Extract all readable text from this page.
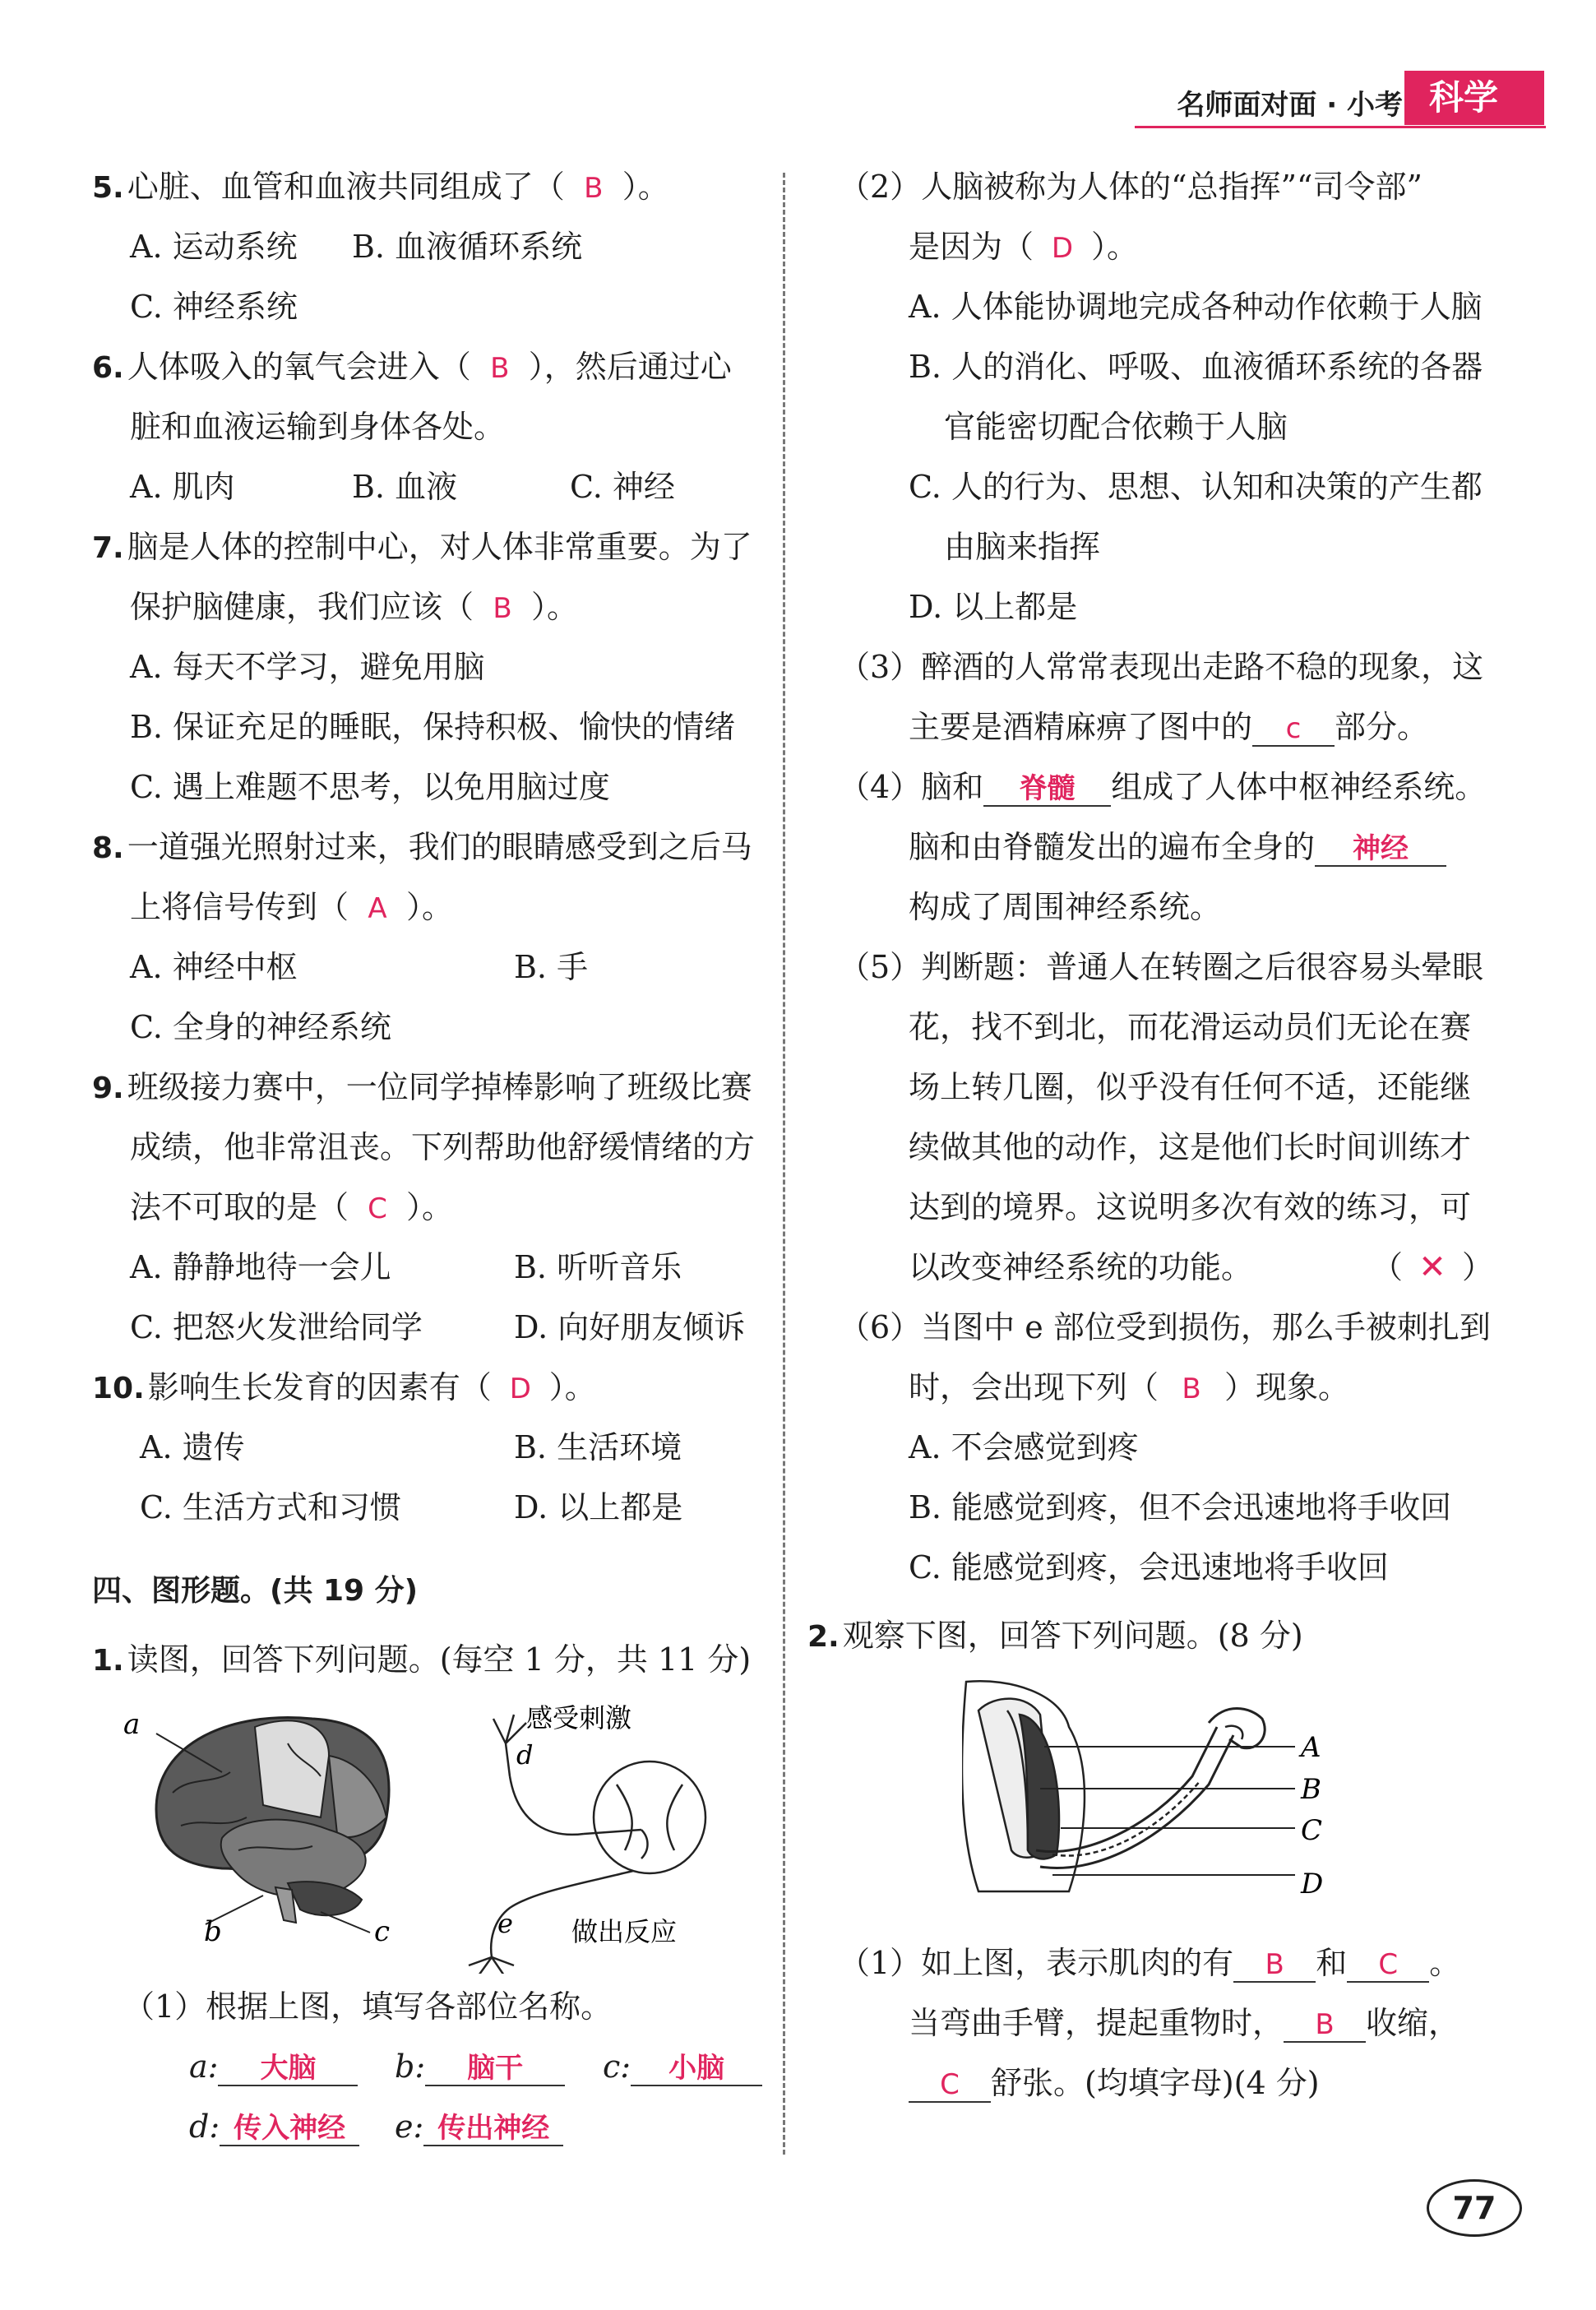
名师面对面 · 小考 科学
5. 心脏、血管和血液共同组成了（ B ）。
A. 运动系统 B. 血液循环系统
C. 神经系统
6. 人体吸入的氧气会进入（ B ），然后通过心
脏和血液运输到身体各处。
A. 肌肉	B. 血液	C. 神经
7. 脑是人体的控制中心，对人体非常重要。为了
保护脑健康，我们应该（ B ）。
A. 每天不学习，避免用脑
B. 保证充足的睡眠，保持积极、愉快的情绪
C. 遇上难题不思考，以免用脑过度
8. 一道强光照射过来，我们的眼睛感受到之后马
上将信号传到（ A ）。
A. 神经中枢	B. 手
C. 全身的神经系统
9. 班级接力赛中，一位同学掉棒影响了班级比赛
成绩，他非常沮丧。下列帮助他舒缓情绪的方
法不可取的是（ C ）。
A. 静静地待一会儿	B. 听听音乐
C. 把怒火发泄给同学	D. 向好朋友倾诉
10. 影响生长发育的因素有（ D ）。
A. 遗传	B. 生活环境
C. 生活方式和习惯	D. 以上都是
四、图形题。(共 19 分)
1. 读图，回答下列问题。(每空 1 分，共 11 分)
a
b	c
d
感受刺激
e 做出反应
（1）根据上图，填写各部位名称。
a: 大脑	b: 脑干	c: 小脑
d: 传入神经	e: 传出神经
（2）人脑被称为人体的“总指挥”“司令部”
是因为（ D ）。
A. 人体能协调地完成各种动作依赖于人脑
B. 人的消化、呼吸、血液循环系统的各器
官能密切配合依赖于人脑
C. 人的行为、思想、认知和决策的产生都
由脑来指挥
D. 以上都是
（3）醉酒的人常常表现出走路不稳的现象，这
主要是酒精麻痹了图中的 c 部分。
（4）脑和 脊髓 组成了人体中枢神经系统。
脑和由脊髓发出的遍布全身的 神经
构成了周围神经系统。
（5）判断题：普通人在转圈之后很容易头晕眼
花，找不到北，而花滑运动员们无论在赛
场上转几圈，似乎没有任何不适，还能继
续做其他的动作，这是他们长时间训练才
达到的境界。这说明多次有效的练习，可
以改变神经系统的功能。	（ ✕ ）
（6）当图中 e 部位受到损伤，那么手被刺扎到
时，会出现下列（ B ）现象。
A. 不会感觉到疼
B. 能感觉到疼，但不会迅速地将手收回
C. 能感觉到疼，会迅速地将手收回
2. 观察下图，回答下列问题。(8 分)
A
B
C
D
（1）如上图，表示肌肉的有 B 和 C 。
当弯曲手臂，提起重物时， B 收缩，
C 舒张。(均填字母)(4 分)
77
